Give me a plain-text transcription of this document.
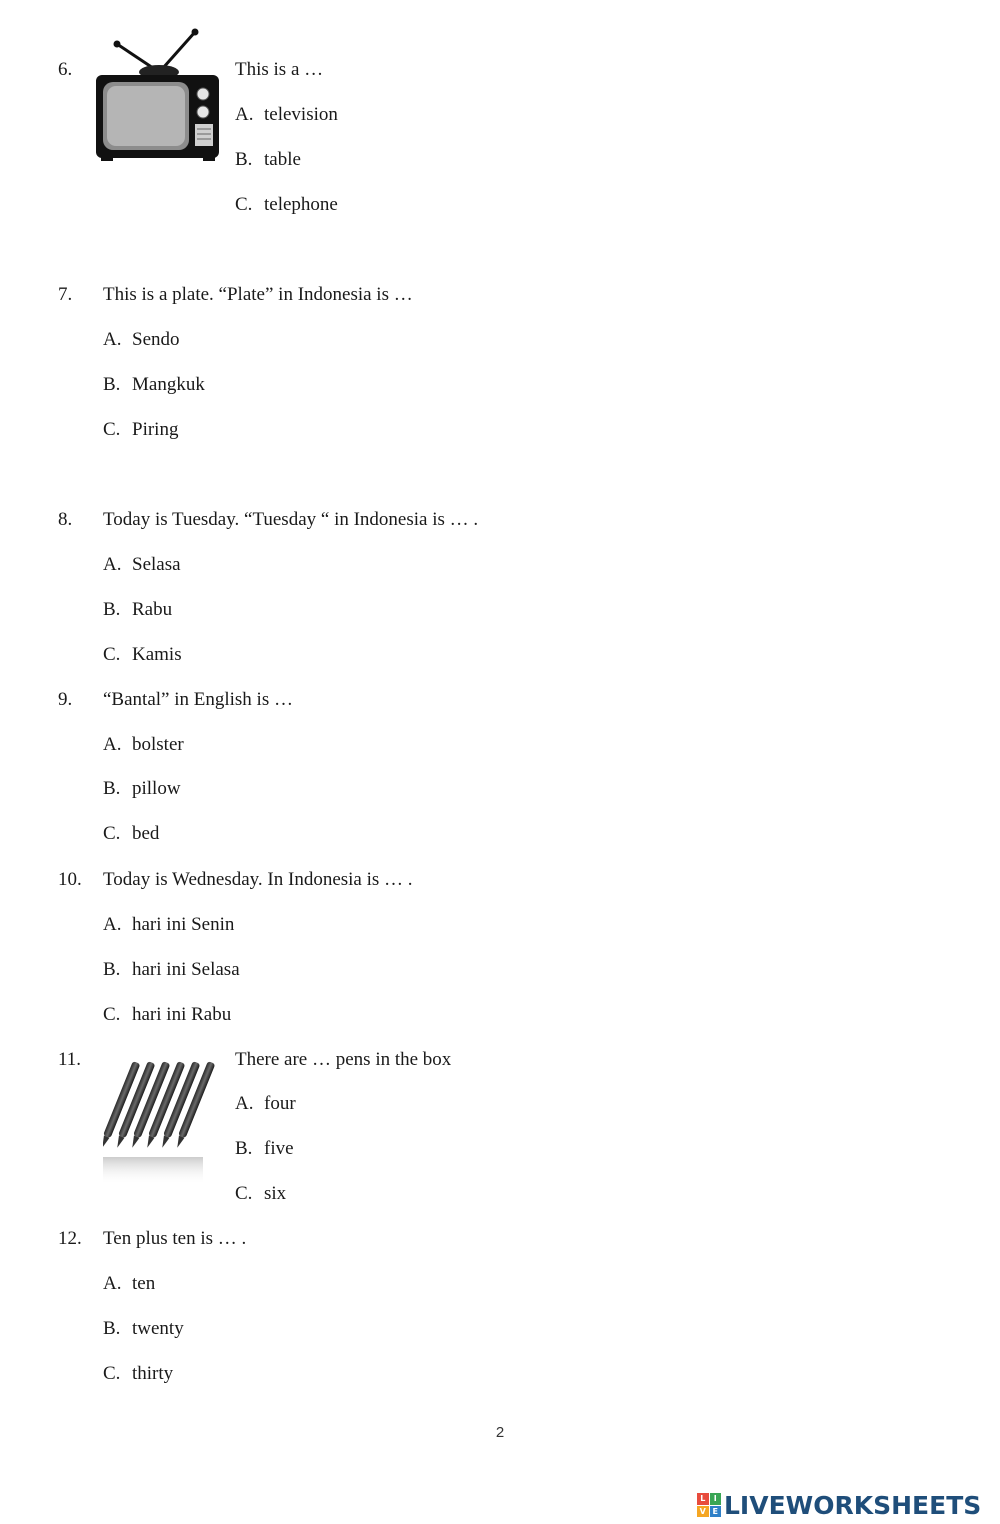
6.	This is a …
A. television
B. table
C. telephone
7. This is a plate. “Plate” in Indonesia is …
A. Sendo
B. Mangkuk
C. Piring
8. Today is Tuesday. “Tuesday “ in Indonesia is … .
A. Selasa
B. Rabu
C. Kamis
9. “Bantal” in English is …
A. bolster
B. pillow
C. bed
10. Today is Wednesday. In Indonesia is … .
A. hari ini Senin
B. hari ini Selasa
C. hari ini Rabu
11.	There are … pens in the box
A. four
B. five
C. six
12. Ten plus ten is … .
A. ten
B. twenty
C. thirty
2
L	I
V E LIVEWORKSHEETS
